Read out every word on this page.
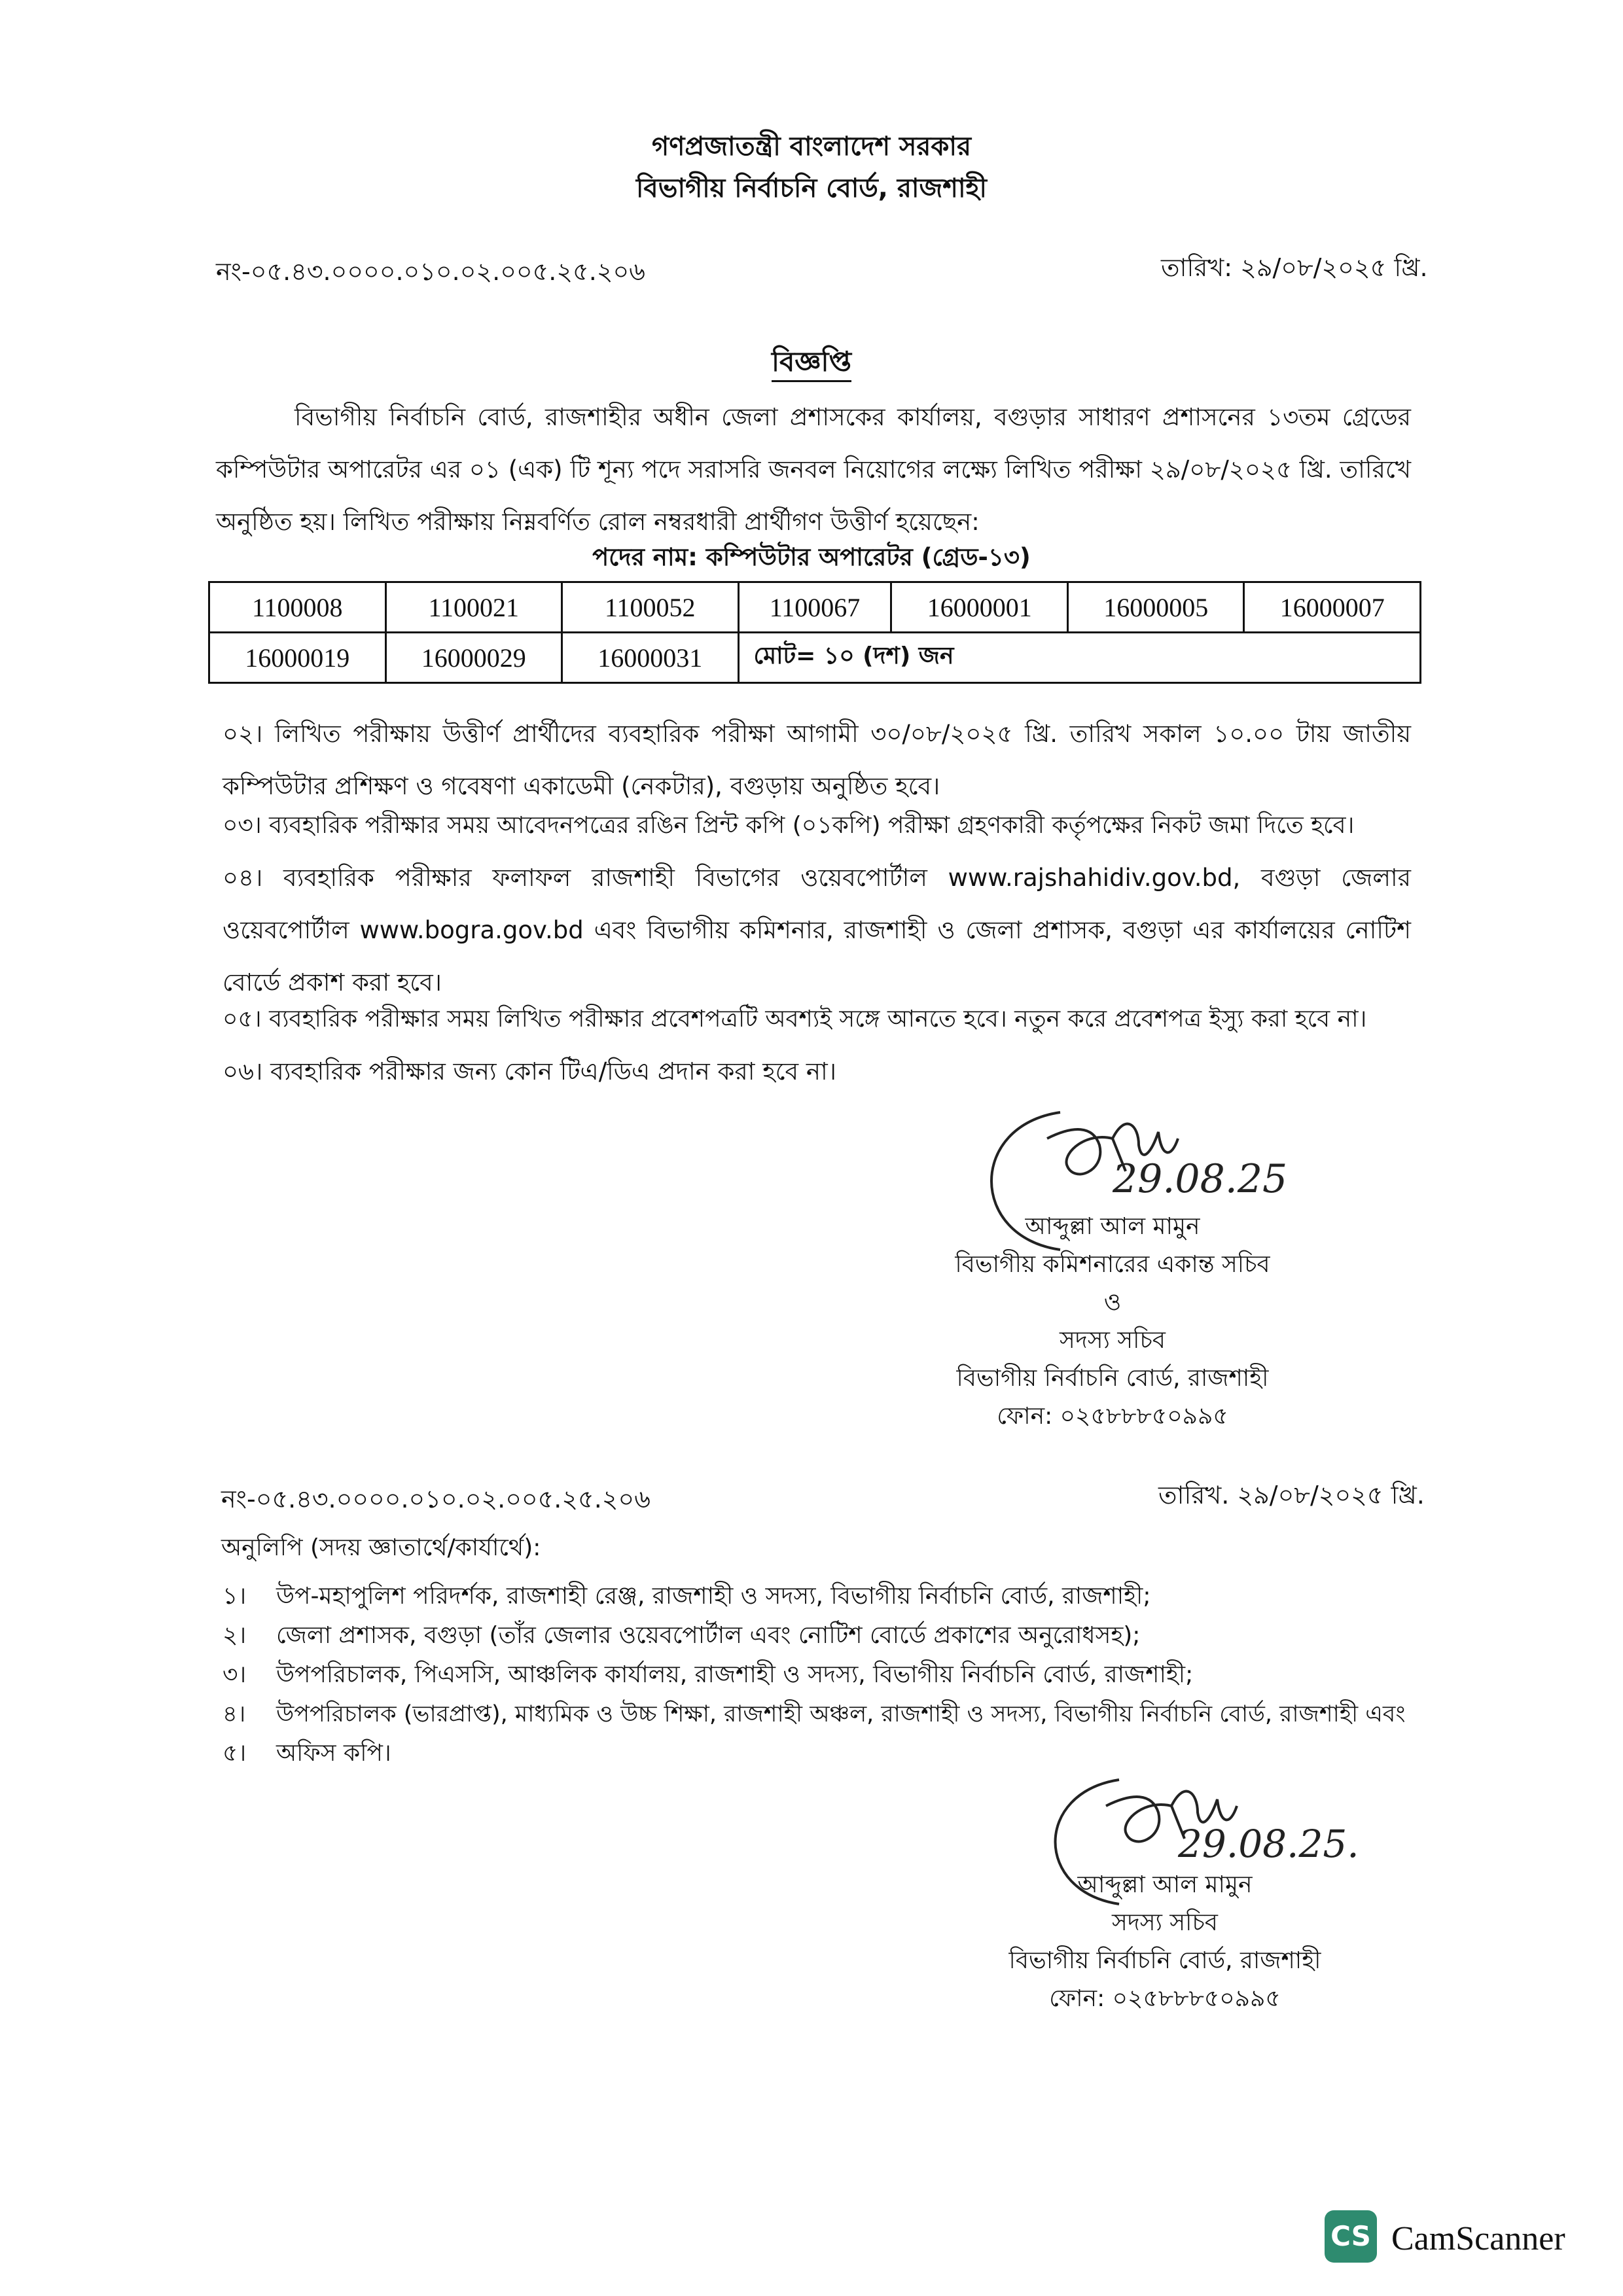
গণপ্রজাতন্ত্রী বাংলাদেশ সরকার
বিভাগীয় নির্বাচনি বোর্ড, রাজশাহী
নং-০৫.৪৩.০০০০.০১০.০২.০০৫.২৫.২০৬	তারিখ: ২৯/০৮/২০২৫ খ্রি.
বিজ্ঞপ্তি
বিভাগীয় নির্বাচনি বোর্ড, রাজশাহীর অধীন জেলা প্রশাসকের কার্যালয়, বগুড়ার সাধারণ প্রশাসনের ১৩তম গ্রেডের কম্পিউটার অপারেটর এর ০১ (এক) টি শূন্য পদে সরাসরি জনবল নিয়োগের লক্ষ্যে লিখিত পরীক্ষা ২৯/০৮/২০২৫ খ্রি. তারিখে অনুষ্ঠিত হয়। লিখিত পরীক্ষায় নিম্নবর্ণিত রোল নম্বরধারী প্রার্থীগণ উত্তীর্ণ হয়েছেন:
পদের নাম: কম্পিউটার অপারেটর (গ্রেড-১৩)
1100008	1100021	1100052	1100067	16000001	16000005	16000007
16000019	16000029	16000031	মোট= ১০ (দশ) জন			
০২। লিখিত পরীক্ষায় উত্তীর্ণ প্রার্থীদের ব্যবহারিক পরীক্ষা আগামী ৩০/০৮/২০২৫ খ্রি. তারিখ সকাল ১০.০০ টায় জাতীয় কম্পিউটার প্রশিক্ষণ ও গবেষণা একাডেমী (নেকটার), বগুড়ায় অনুষ্ঠিত হবে।
০৩। ব্যবহারিক পরীক্ষার সময় আবেদনপত্রের রঙিন প্রিন্ট কপি (০১কপি) পরীক্ষা গ্রহণকারী কর্তৃপক্ষের নিকট জমা দিতে হবে।
০৪। ব্যবহারিক পরীক্ষার ফলাফল রাজশাহী বিভাগের ওয়েবপোর্টাল www.rajshahidiv.gov.bd, বগুড়া জেলার ওয়েবপোর্টাল www.bogra.gov.bd এবং বিভাগীয় কমিশনার, রাজশাহী ও জেলা প্রশাসক, বগুড়া এর কার্যালয়ের নোটিশ বোর্ডে প্রকাশ করা হবে।
০৫। ব্যবহারিক পরীক্ষার সময় লিখিত পরীক্ষার প্রবেশপত্রটি অবশ্যই সঙ্গে আনতে হবে। নতুন করে প্রবেশপত্র ইস্যু করা হবে না।
০৬। ব্যবহারিক পরীক্ষার জন্য কোন টিএ/ডিএ প্রদান করা হবে না।
29.08.25
আব্দুল্লা আল মামুন
বিভাগীয় কমিশনারের একান্ত সচিব
ও
সদস্য সচিব
বিভাগীয় নির্বাচনি বোর্ড, রাজশাহী
ফোন: ০২৫৮৮৮৫০৯৯৫
নং-০৫.৪৩.০০০০.০১০.০২.০০৫.২৫.২০৬	তারিখ. ২৯/০৮/২০২৫ খ্রি.
অনুলিপি (সদয় জ্ঞাতার্থে/কার্যার্থে):
১। উপ-মহাপুলিশ পরিদর্শক, রাজশাহী রেঞ্জ, রাজশাহী ও সদস্য, বিভাগীয় নির্বাচনি বোর্ড, রাজশাহী;
২। জেলা প্রশাসক, বগুড়া (তাঁর জেলার ওয়েবপোর্টাল এবং নোটিশ বোর্ডে প্রকাশের অনুরোধসহ);
৩। উপপরিচালক, পিএসসি, আঞ্চলিক কার্যালয়, রাজশাহী ও সদস্য, বিভাগীয় নির্বাচনি বোর্ড, রাজশাহী;
৪। উপপরিচালক (ভারপ্রাপ্ত), মাধ্যমিক ও উচ্চ শিক্ষা, রাজশাহী অঞ্চল, রাজশাহী ও সদস্য, বিভাগীয় নির্বাচনি বোর্ড, রাজশাহী এবং
৫। অফিস কপি।
29.08.25.
আব্দুল্লা আল মামুন
সদস্য সচিব
বিভাগীয় নির্বাচনি বোর্ড, রাজশাহী
ফোন: ০২৫৮৮৮৫০৯৯৫
CS CamScanner
